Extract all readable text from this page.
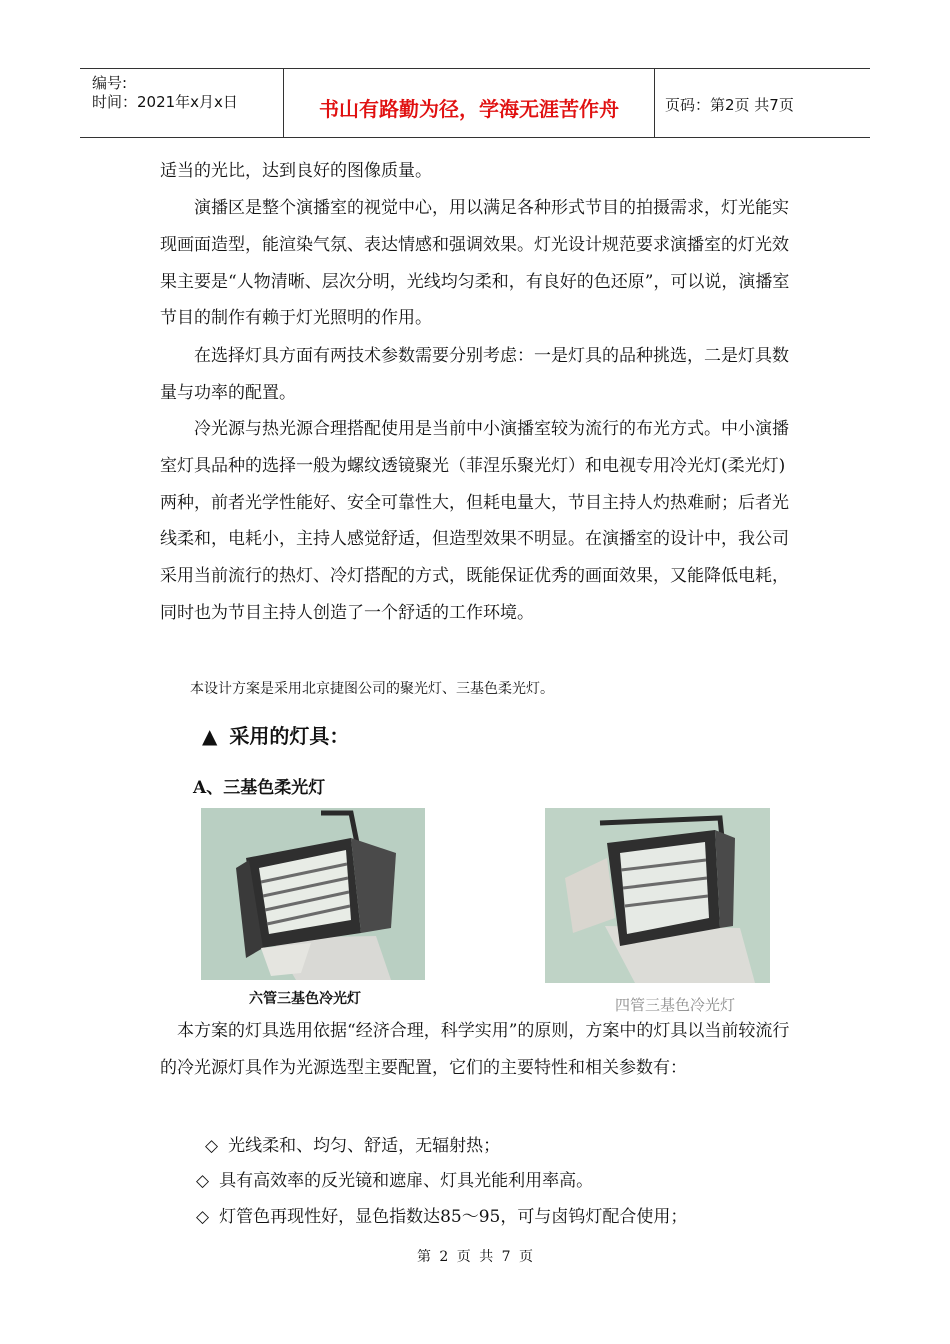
编号:
时间：2021年x月x日	书山有路勤为径，学海无涯苦作舟	页码：第2页 共7页

适当的光比，达到良好的图像质量。

演播区是整个演播室的视觉中心，用以满足各种形式节目的拍摄需求，灯光能实现画面造型，能渲染气氛、表达情感和强调效果。灯光设计规范要求演播室的灯光效果主要是“人物清晰、层次分明，光线均匀柔和，有良好的色还原”，可以说，演播室节目的制作有赖于灯光照明的作用。

在选择灯具方面有两技术参数需要分别考虑：一是灯具的品种挑选，二是灯具数量与功率的配置。

冷光源与热光源合理搭配使用是当前中小演播室较为流行的布光方式。中小演播室灯具品种的选择一般为螺纹透镜聚光（菲涅乐聚光灯）和电视专用冷光灯(柔光灯)两种，前者光学性能好、安全可靠性大，但耗电量大，节目主持人灼热难耐；后者光线柔和，电耗小，主持人感觉舒适，但造型效果不明显。在演播室的设计中，我公司采用当前流行的热灯、冷灯搭配的方式，既能保证优秀的画面效果，又能降低电耗，同时也为节目主持人创造了一个舒适的工作环境。

本设计方案是采用北京捷图公司的聚光灯、三基色柔光灯。
▲ 采用的灯具：
A、三基色柔光灯
六管三基色冷光灯	四管三基色冷光灯

本方案的灯具选用依据“经济合理，科学实用”的原则，方案中的灯具以当前较流行的冷光源灯具作为光源选型主要配置，它们的主要特性和相关参数有：

◇ 光线柔和、均匀、舒适，无辐射热；
◇ 具有高效率的反光镜和遮扉、灯具光能利用率高。
◇ 灯管色再现性好，显色指数达85～95，可与卤钨灯配合使用；
第 2 页 共 7 页
